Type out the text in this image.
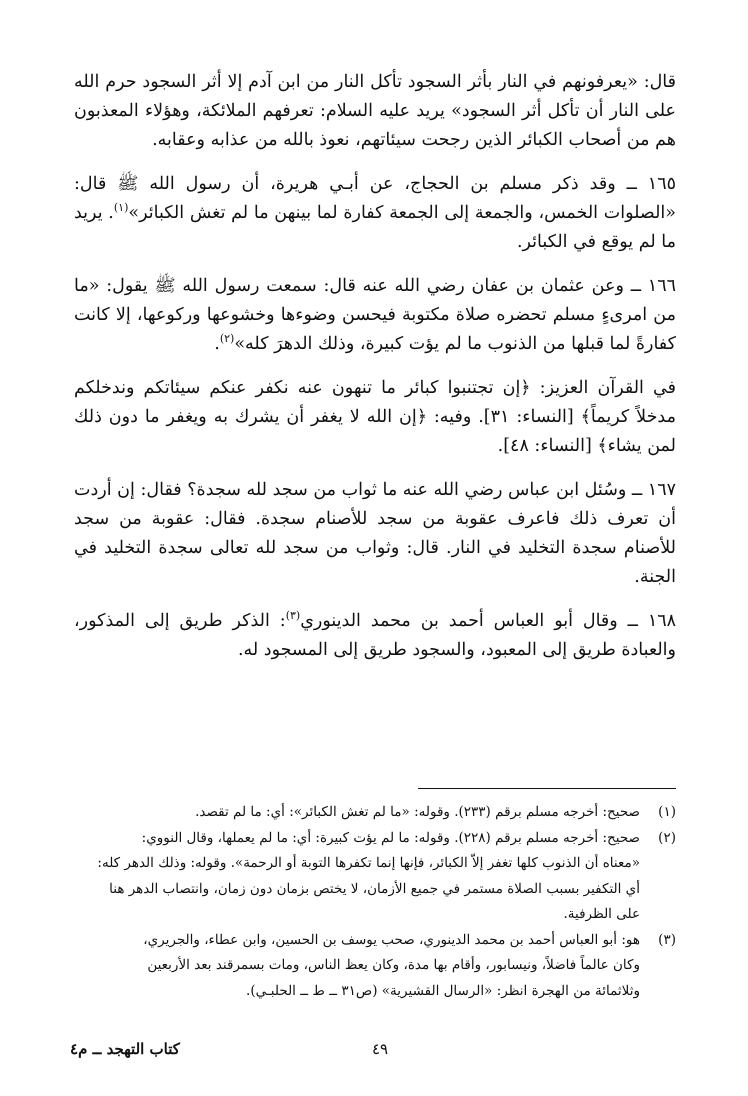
قال: «يعرفونهم في النار بأثر السجود تأكل النار من ابن آدم إلا أثر السجود حرم الله على النار أن تأكل أثر السجود» يريد عليه السلام: تعرفهم الملائكة، وهؤلاء المعذبون هم من أصحاب الكبائر الذين رجحت سيئاتهم، نعوذ بالله من عذابه وعقابه.

١٦٥ ــ وقد ذكر مسلم بن الحجاج، عن أبـي هريرة، أن رسول الله ﷺ قال: «الصلوات الخمس، والجمعة إلى الجمعة كفارة لما بينهن ما لم تغش الكبائر»$^{(١)}$. يريد ما لم يوقع في الكبائر.

١٦٦ ــ وعن عثمان بن عفان رضي الله عنه قال: سمعت رسول الله ﷺ يقول: «ما من امرىءٍ مسلم تحضره صلاة مكتوبة فيحسن وضوءها وخشوعها وركوعها، إلا كانت كفارةً لما قبلها من الذنوب ما لم يؤت كبيرة، وذلك الدهرَ كله»$^{(٢)}$.

في القرآن العزيز: ﴿إن تجتنبوا كبائر ما تنهون عنه نكفر عنكم سيئاتكم وندخلكم مدخلاً كريماً﴾ [النساء: ٣١]. وفيه: ﴿إن الله لا يغفر أن يشرك به ويغفر ما دون ذلك لمن يشاء﴾ [النساء: ٤٨].

١٦٧ ــ وسُئل ابن عباس رضي الله عنه ما ثواب من سجد لله سجدة؟ فقال: إن أردت أن تعرف ذلك فاعرف عقوبة من سجد للأصنام سجدة. فقال: عقوبة من سجد للأصنام سجدة التخليد في النار. قال: وثواب من سجد لله تعالى سجدة التخليد في الجنة.

١٦٨ ــ وقال أبو العباس أحمد بن محمد الدينوري$^{(٣)}$: الذكر طريق إلى المذكور، والعبادة طريق إلى المعبود، والسجود طريق إلى المسجود له.

(١)
صحيح: أخرجه مسلم برقم (٢٣٣). وقوله: «ما لم تغش الكبائر»: أي: ما لم تقصد.
(٢)
صحيح: أخرجه مسلم برقم (٢٢٨). وقوله: ما لم يؤت كبيرة: أي: ما لم يعملها، وقال النووي:
«معناه أن الذنوب كلها تغفر إلاّ الكبائر، فإنها إنما تكفرها التوبة أو الرحمة». وقوله: وذلك الدهر كله:
أي التكفير بسبب الصلاة مستمر في جميع الأزمان، لا يختص بزمان دون زمان، وانتصاب الدهر هنا
على الظرفية.
(٣)
هو: أبو العباس أحمد بن محمد الدينوري، صحب يوسف بن الحسين، وابن عطاء، والجريري،
وكان عالماً فاضلاً، ونيسابور، وأقام بها مدة، وكان يعظ الناس، ومات بسمرقند بعد الأربعين
وثلاثمائة من الهجرة انظر: «الرسال القشيرية» (ص٣١ ــ ط ــ الحلبـي).
٤٩
كتاب التهجد ــ م٤
